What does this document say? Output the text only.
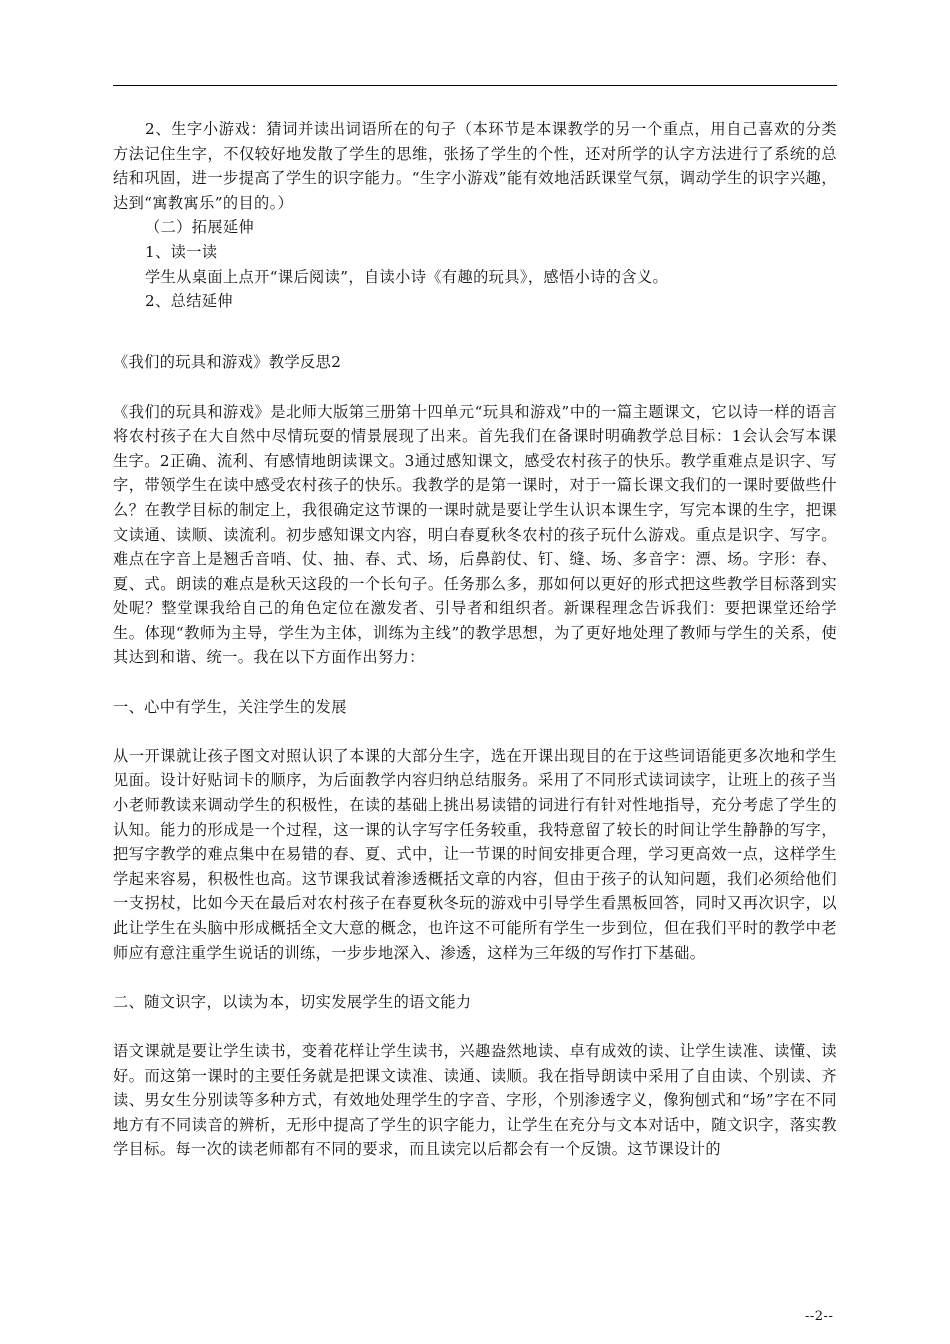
2、生字小游戏：猜词并读出词语所在的句子（本环节是本课教学的另一个重点，用自己喜欢的分类方法记住生字，不仅较好地发散了学生的思维，张扬了学生的个性，还对所学的认字方法进行了系统的总结和巩固，进一步提高了学生的识字能力。“生字小游戏”能有效地活跃课堂气氛，调动学生的识字兴趣，达到“寓教寓乐”的目的。）

（二）拓展延伸

1、读一读

学生从桌面上点开“课后阅读”，自读小诗《有趣的玩具》，感悟小诗的含义。

2、总结延伸

《我们的玩具和游戏》教学反思2

《我们的玩具和游戏》是北师大版第三册第十四单元“玩具和游戏”中的一篇主题课文，它以诗一样的语言将农村孩子在大自然中尽情玩耍的情景展现了出来。首先我们在备课时明确教学总目标：1会认会写本课生字。2正确、流利、有感情地朗读课文。3通过感知课文，感受农村孩子的快乐。教学重难点是识字、写字，带领学生在读中感受农村孩子的快乐。我教学的是第一课时，对于一篇长课文我们的一课时要做些什么？在教学目标的制定上，我很确定这节课的一课时就是要让学生认识本课生字，写完本课的生字，把课文读通、读顺、读流利。初步感知课文内容，明白春夏秋冬农村的孩子玩什么游戏。重点是识字、写字。难点在字音上是翘舌音哨、仗、抽、春、式、场，后鼻韵仗、钉、缝、场、多音字：漂、场。字形：春、夏、式。朗读的难点是秋天这段的一个长句子。任务那么多，那如何以更好的形式把这些教学目标落到实处呢？整堂课我给自己的角色定位在激发者、引导者和组织者。新课程理念告诉我们：要把课堂还给学生。体现“教师为主导，学生为主体，训练为主线”的教学思想，为了更好地处理了教师与学生的关系，使其达到和谐、统一。我在以下方面作出努力：

一、心中有学生，关注学生的发展

从一开课就让孩子图文对照认识了本课的大部分生字，选在开课出现目的在于这些词语能更多次地和学生见面。设计好贴词卡的顺序，为后面教学内容归纳总结服务。采用了不同形式读词读字，让班上的孩子当小老师教读来调动学生的积极性，在读的基础上挑出易读错的词进行有针对性地指导，充分考虑了学生的认知。能力的形成是一个过程，这一课的认字写字任务较重，我特意留了较长的时间让学生静静的写字，把写字教学的难点集中在易错的春、夏、式中，让一节课的时间安排更合理，学习更高效一点，这样学生学起来容易，积极性也高。这节课我试着渗透概括文章的内容，但由于孩子的认知问题，我们必须给他们一支拐杖，比如今天在最后对农村孩子在春夏秋冬玩的游戏中引导学生看黑板回答，同时又再次识字，以此让学生在头脑中形成概括全文大意的概念，也许这不可能所有学生一步到位，但在我们平时的教学中老师应有意注重学生说话的训练，一步步地深入、渗透，这样为三年级的写作打下基础。

二、随文识字，以读为本，切实发展学生的语文能力

语文课就是要让学生读书，变着花样让学生读书，兴趣盎然地读、卓有成效的读、让学生读准、读懂、读好。而这第一课时的主要任务就是把课文读准、读通、读顺。我在指导朗读中采用了自由读、个别读、齐读、男女生分别读等多种方式，有效地处理学生的字音、字形，个别渗透字义，像狗刨式和“场”字在不同地方有不同读音的辨析，无形中提高了学生的识字能力，让学生在充分与文本对话中，随文识字，落实教学目标。每一次的读老师都有不同的要求，而且读完以后都会有一个反馈。这节课设计的

--2--
